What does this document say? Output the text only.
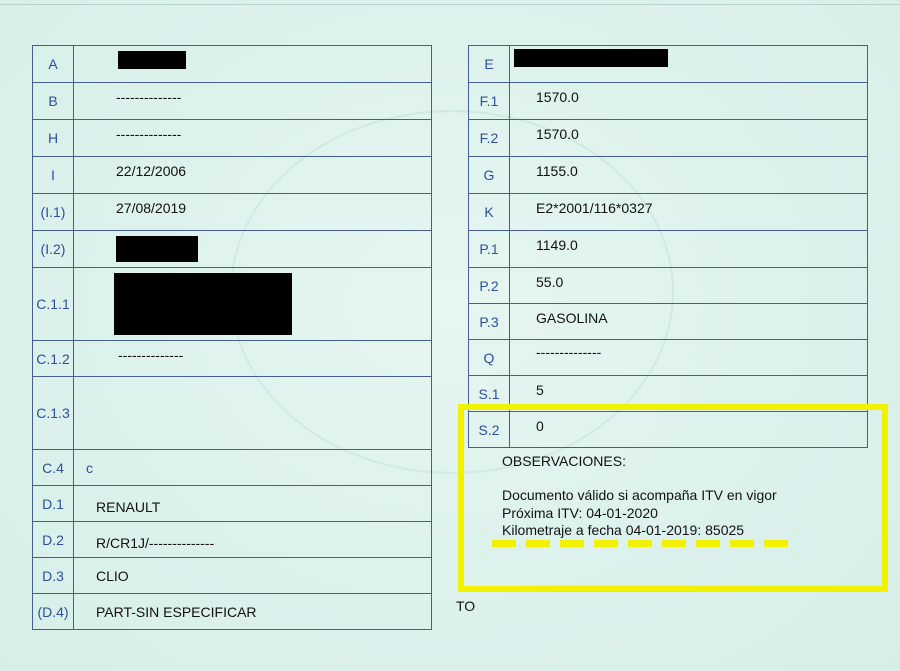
A	
B	--------------
H	--------------
I	22/12/2006
(I.1)	27/08/2019
(I.2)	
C.1.1	
C.1.2	--------------
C.1.3	
C.4	c
D.1	RENAULT
D.2	R/CR1J/--------------
D.3	CLIO
(D.4)	PART-SIN ESPECIFICAR
E	
F.1	1570.0
F.2	1570.0
G	1155.0
K	E2*2001/116*0327
P.1	1149.0
P.2	55.0
P.3	GASOLINA
Q	--------------
S.1	5
S.2	0
OBSERVACIONES:
Documento válido si acompaña ITV en vigor
Próxima ITV: 04-01-2020
Kilometraje a fecha 04-01-2019: 85025
TO
